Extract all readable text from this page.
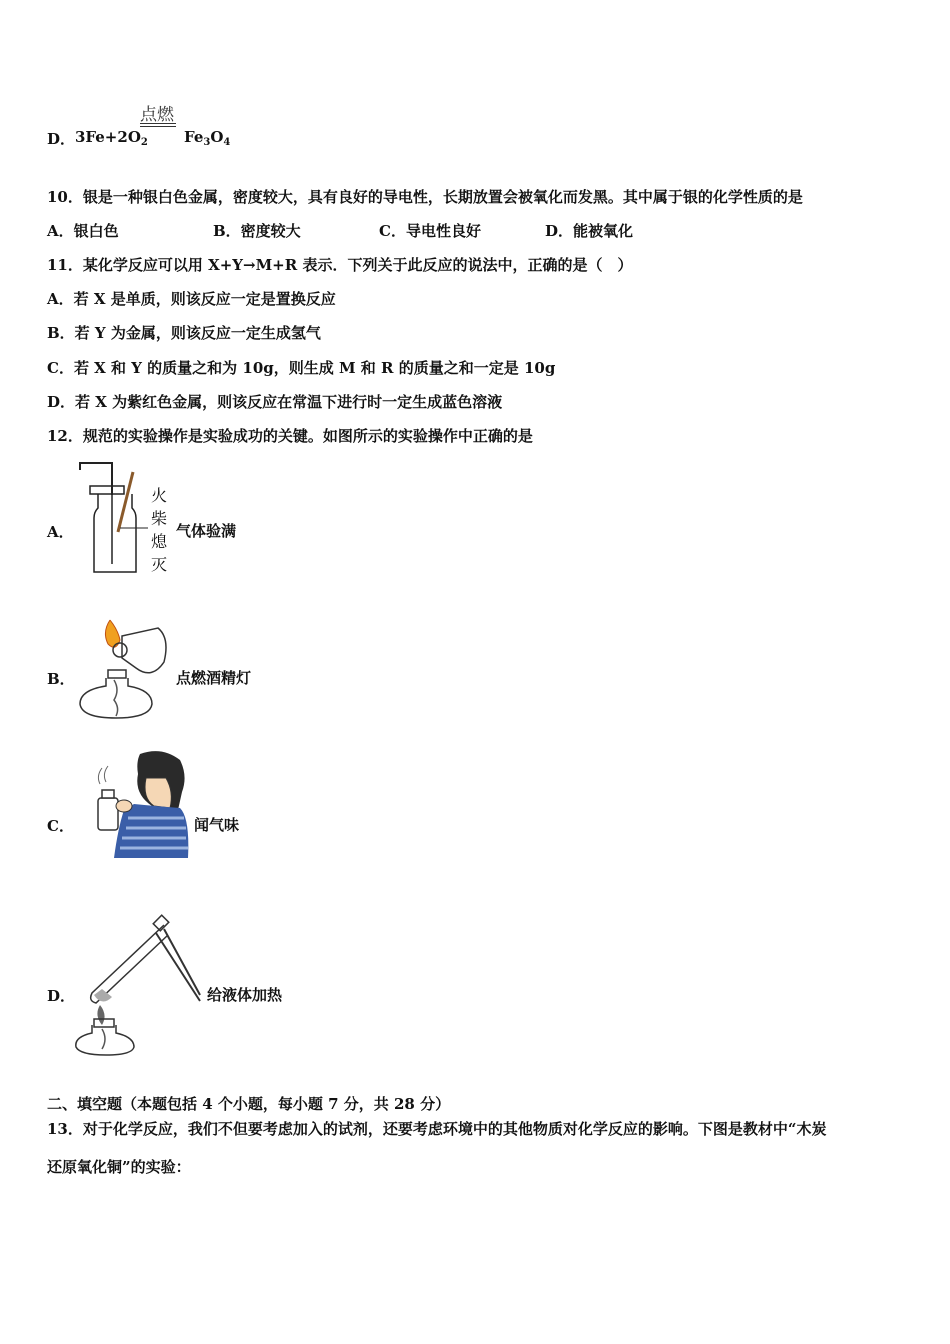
D． $3Fe+2O_2$
点燃
$Fe_3O_4$
10．银是一种银白色金属，密度较大，具有良好的导电性，长期放置会被氧化而发黑。其中属于银的化学性质的是
A．银白色	B．密度较大	C．导电性良好	D．能被氧化
11．某化学反应可以用 X+Y→M+R 表示．下列关于此反应的说法中，正确的是（　）
A．若 X 是单质，则该反应一定是置换反应
B．若 Y 为金属，则该反应一定生成氢气
C．若 X 和 Y 的质量之和为 10g，则生成 M 和 R 的质量之和一定是 10g
D．若 X 为紫红色金属，则该反应在常温下进行时一定生成蓝色溶液
12．规范的实验操作是实验成功的关键。如图所示的实验操作中正确的是
A．
火
柴
熄
灭
气体验满
B．	点燃酒精灯
C．	闻气味
D．	给液体加热
二、填空题（本题包括 4 个小题，每小题 7 分，共 28 分）
13．对于化学反应，我们不但要考虑加入的试剂，还要考虑环境中的其他物质对化学反应的影响。下图是教材中“木炭
还原氧化铜”的实验：
